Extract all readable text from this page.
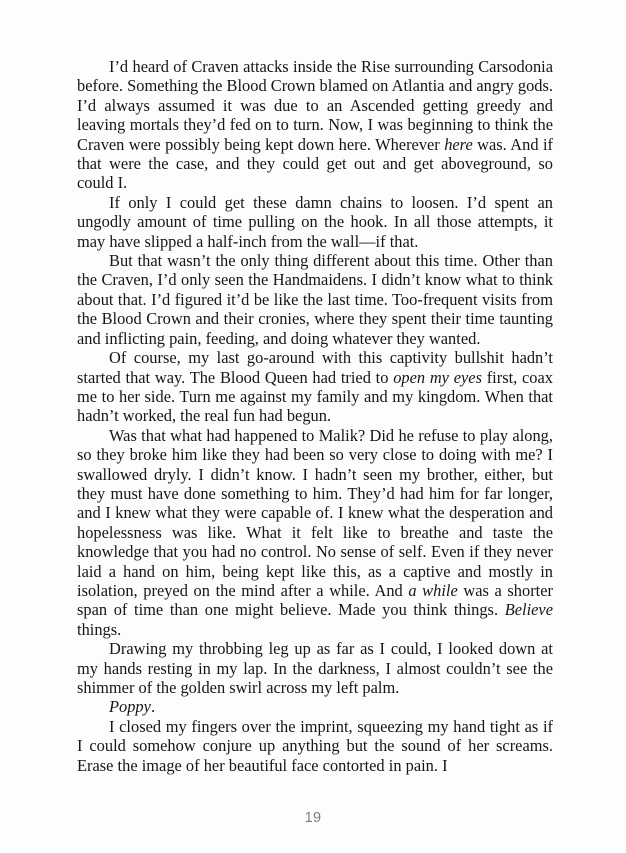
I’d heard of Craven attacks inside the Rise surrounding Carsodonia before. Something the Blood Crown blamed on Atlantia and angry gods. I’d always assumed it was due to an Ascended getting greedy and leaving mortals they’d fed on to turn. Now, I was beginning to think the Craven were possibly being kept down here. Wherever here was. And if that were the case, and they could get out and get aboveground, so could I.

If only I could get these damn chains to loosen. I’d spent an ungodly amount of time pulling on the hook. In all those attempts, it may have slipped a half-inch from the wall—if that.

But that wasn’t the only thing different about this time. Other than the Craven, I’d only seen the Handmaidens. I didn’t know what to think about that. I’d figured it’d be like the last time. Too-frequent visits from the Blood Crown and their cronies, where they spent their time taunting and inflicting pain, feeding, and doing whatever they wanted.

Of course, my last go-around with this captivity bullshit hadn’t started that way. The Blood Queen had tried to open my eyes first, coax me to her side. Turn me against my family and my kingdom. When that hadn’t worked, the real fun had begun.

Was that what had happened to Malik? Did he refuse to play along, so they broke him like they had been so very close to doing with me? I swallowed dryly. I didn’t know. I hadn’t seen my brother, either, but they must have done something to him. They’d had him for far longer, and I knew what they were capable of. I knew what the desperation and hopelessness was like. What it felt like to breathe and taste the knowledge that you had no control. No sense of self. Even if they never laid a hand on him, being kept like this, as a captive and mostly in isolation, preyed on the mind after a while. And a while was a shorter span of time than one might believe. Made you think things. Believe things.

Drawing my throbbing leg up as far as I could, I looked down at my hands resting in my lap. In the darkness, I almost couldn’t see the shimmer of the golden swirl across my left palm.

Poppy.

I closed my fingers over the imprint, squeezing my hand tight as if I could somehow conjure up anything but the sound of her screams. Erase the image of her beautiful face contorted in pain. I

19
